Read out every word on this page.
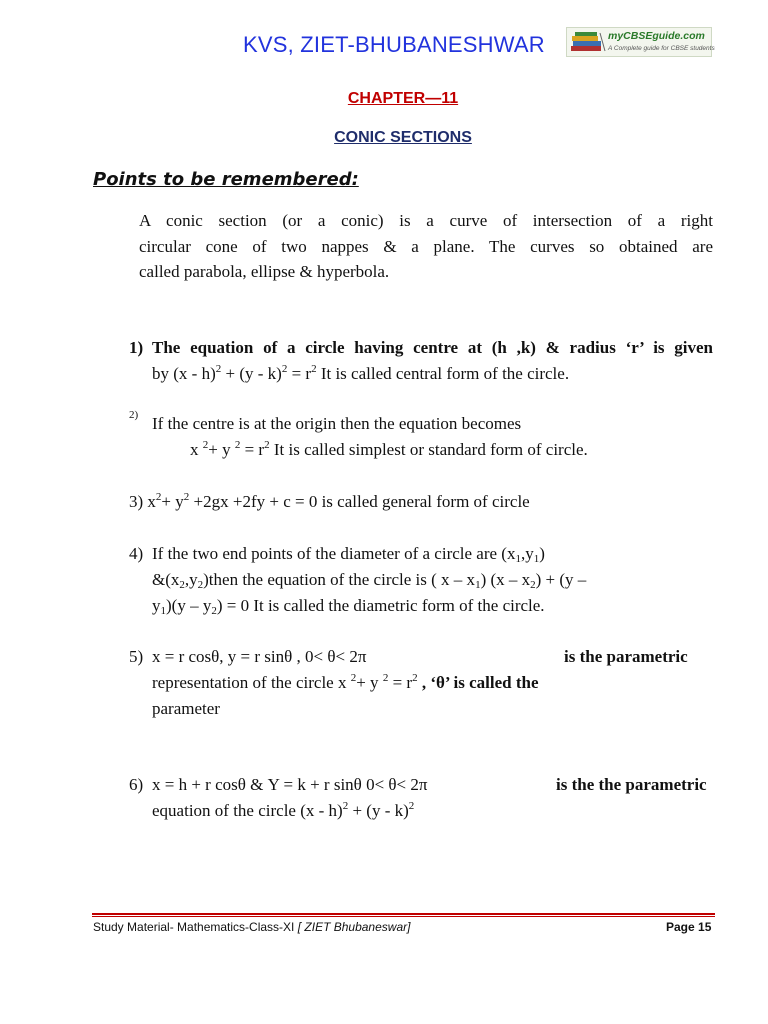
KVS, ZIET-BHUBANESHWAR	myCBSEguide.com
A Complete guide for CBSE students
CHAPTER—11
CONIC SECTIONS
Points to be remembered:
A conic section (or a conic) is a curve of intersection of a right
circular cone of two nappes & a plane. The curves so obtained are
called parabola, ellipse & hyperbola.
1) The equation of a circle having centre at (h ,k) & radius ‘r’ is given
by $(x - h)^2 + (y - k)^2 = r^2$ It is called central form of the circle.
2) If the centre is at the origin then the equation becomes
x $^2$+ y $^2 = r^2$ It is called simplest or standard form of circle.
3) $x^2+ y^2 +2gx +2fy + c = 0$ is called general form of circle
4) If the two end points of the diameter of a circle are $(x_1,y_1)$
$\&(x_2,y_2)then$ the equation of the circle is ( x – $x_1$) $(x - x_2) + (y$ –
$y_1)(y - y_2) = 0$ It is called the diametric form of the circle.
5) x = r cosθ, y = r sinθ , 0< θ< 2π	is the parametric
representation of the circle x $^2$+ y $^2 = r^2$ , ‘θ’ is called the
parameter
6) x = h + r cosθ & Y = k + r sinθ 0< θ< 2π	is the the parametric
equation of the circle (x - h)$^2$ + (y - k)$^2$
Study Material- Mathematics-Class-XI [ ZIET Bhubaneswar]	Page 15
